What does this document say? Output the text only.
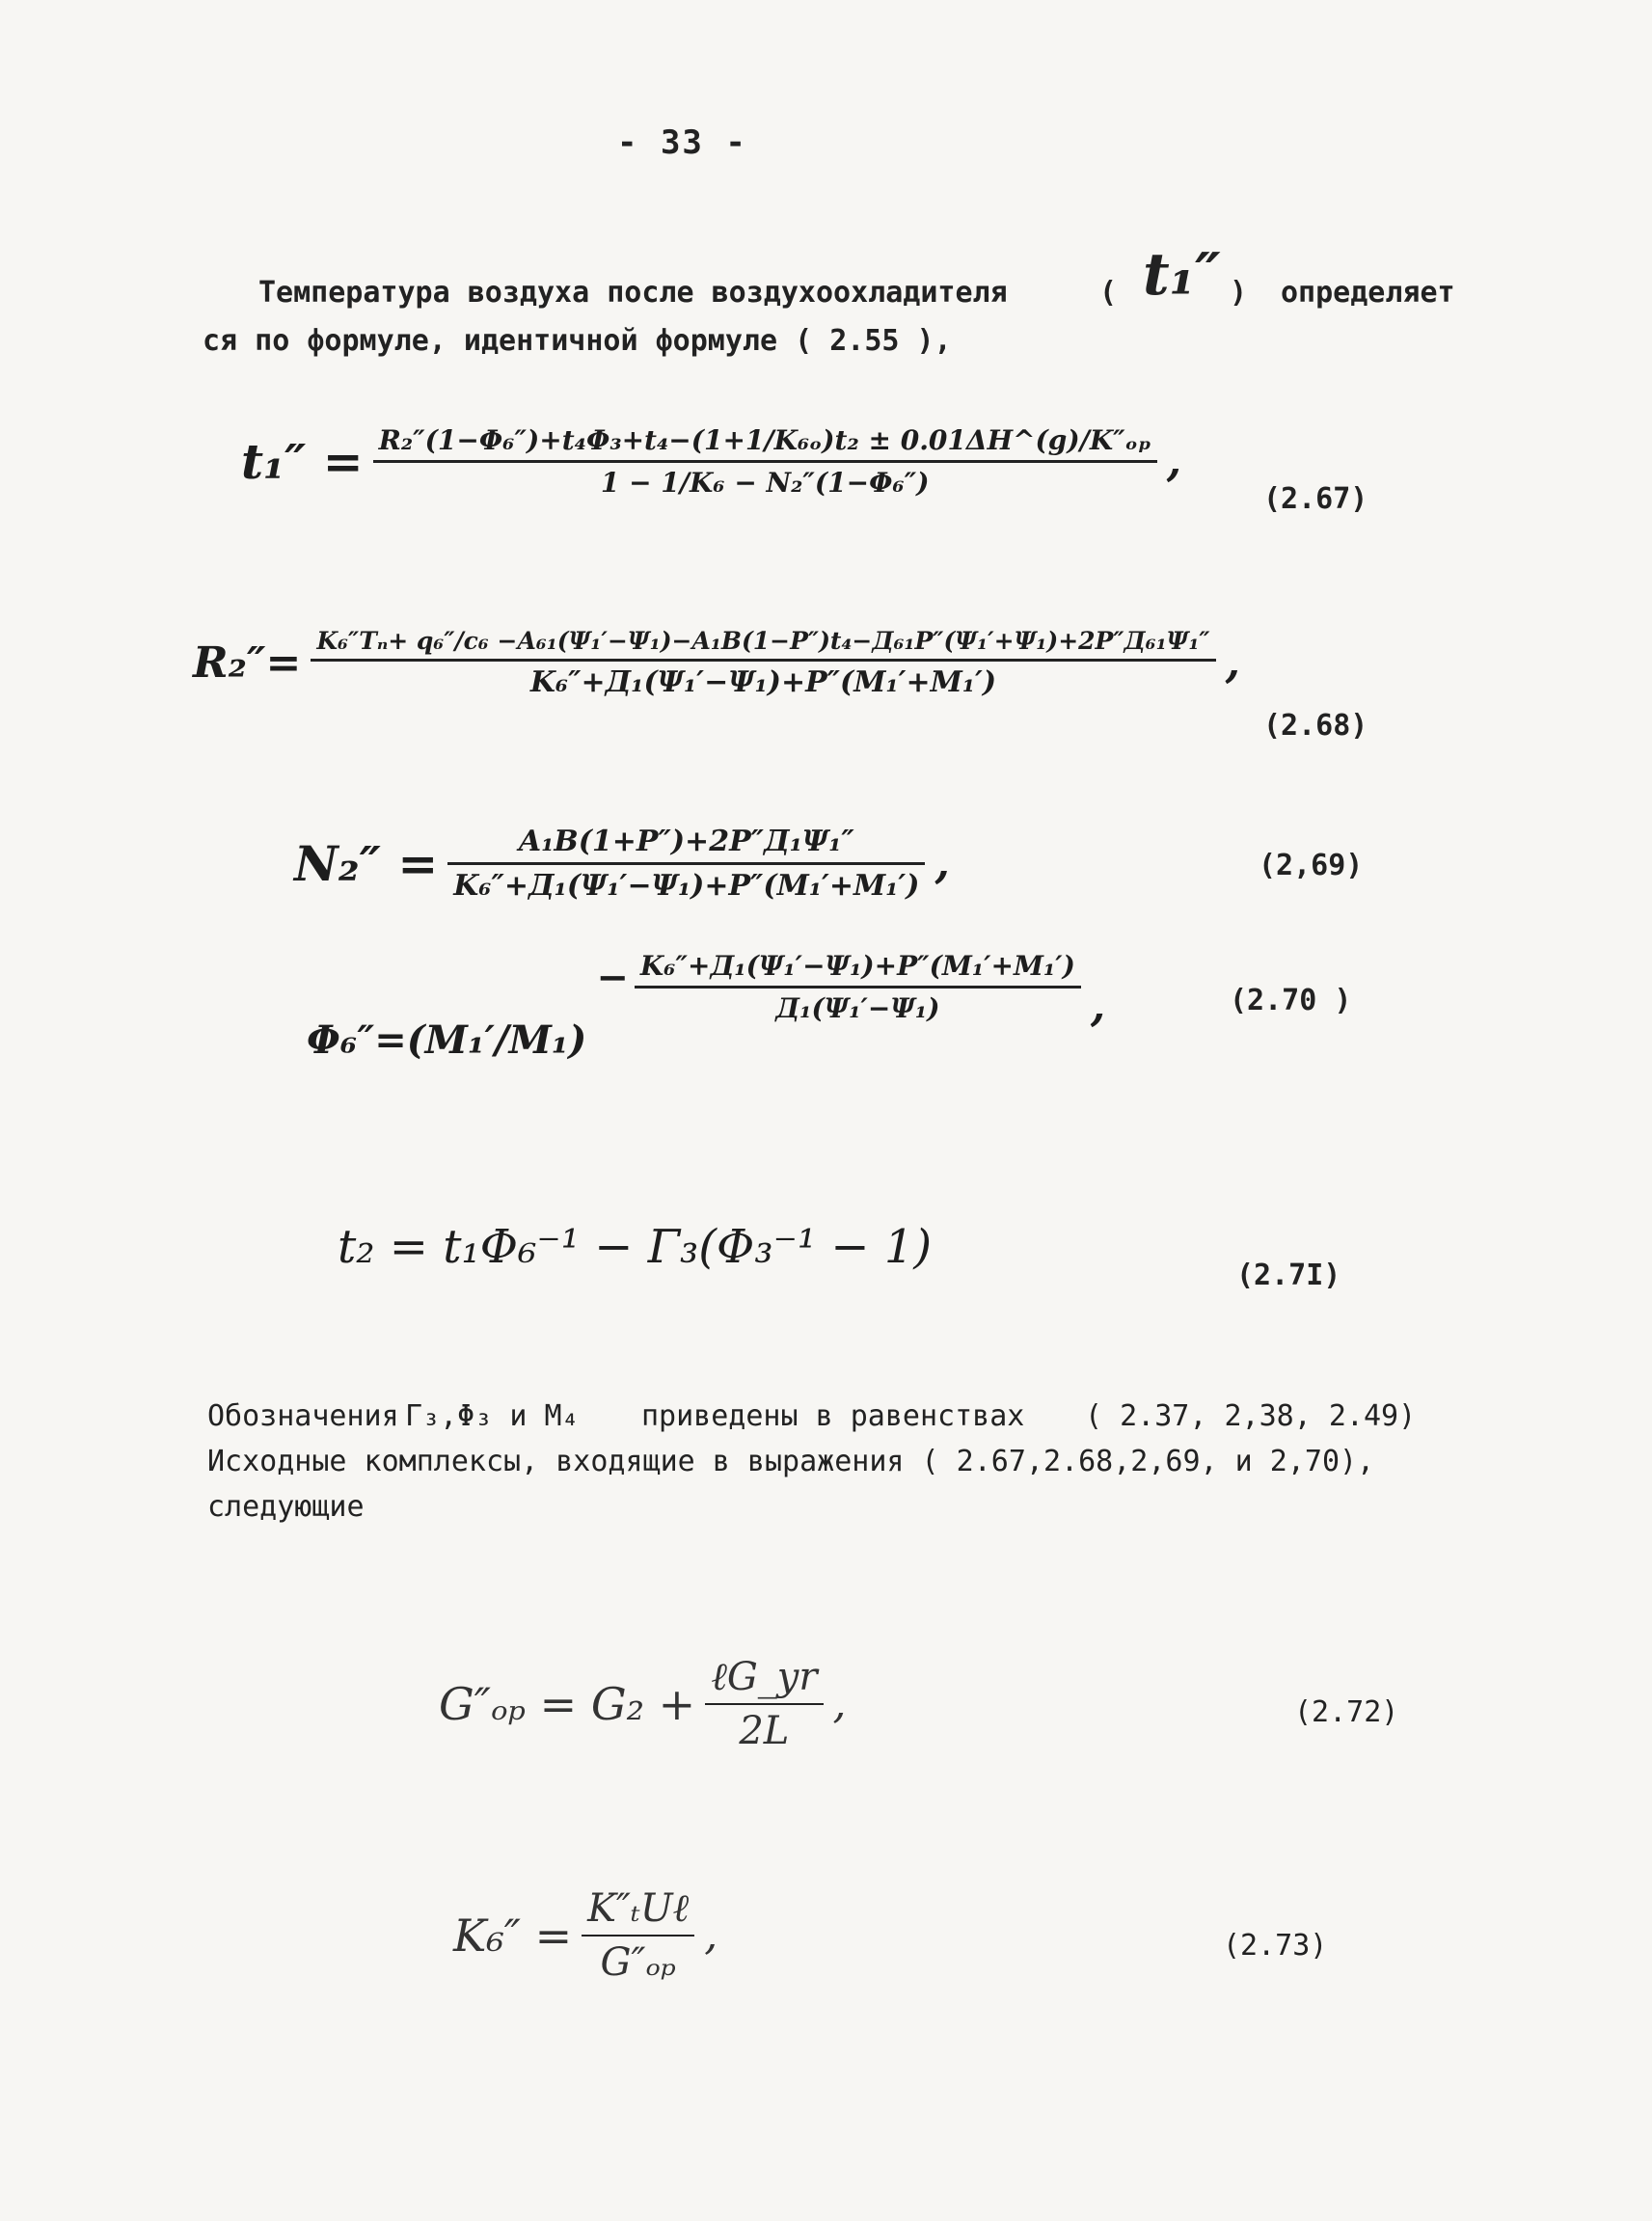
- 33 -
Температура воздуха после воздухоохладителя	( t₁″ ) определяет
ся по формуле, идентичной формуле ( 2.55 ),
$t_1'' = \frac{\text{R₂″(1−Φ₆″)+t₄Φ₃+t₄−(1+1/K₆ₒ)t₂ ± 0.01ΔH\textasciicircum{}(g)/K″ₒₚ}}{\text{1 − 1/K₆ − N₂″(1−Φ₆″)}}$ ,
(2.67)
R₂″= K₆″Tₙ+ q₆″/c₆ −A₆₁(Ψ₁′−Ψ₁)−A₁B(1−P″)t₄−Д₆₁P″(Ψ₁′+Ψ₁)+2P″Д₆₁Ψ₁″
K₆″+Д₁(Ψ₁′−Ψ₁)+P″(M₁′+M₁′)	,
(2.68)
$N_2'' = \frac{\text{A₁B(1+P″)+2P″Д₁Ψ₁″}}{\text{K₆″+Д₁(Ψ₁′−Ψ₁)+P″(M₁′+M₁′)}}$ ,	(2,69)
Φ₆″=(M₁′/M₁)
− $\frac{\text{K₆″+Д₁(Ψ₁′−Ψ₁)+P″(M₁′+M₁′)}}{\text{Д₁(Ψ₁′−Ψ₁)}}$ ,	(2.70 )
t₂ = t₁Φ₆⁻¹ − Γ₃(Φ₃⁻¹ − 1)
(2.7I)
Обозначения Γ₃,Φ₃ и M₄ приведены в равенствах ( 2.37, 2,38, 2.49)
Исходные комплексы, входящие в выражения ( 2.67,2.68,2,69, и 2,70),
следующие
$G''_{op} = G_2 + \frac{\text{ℓG\_yr}}{2L}$ ,	(2.72)
$K_6'' = \frac{\text{K″ₜUℓ}}{\text{G″ₒₚ}}$ ,	(2.73)
